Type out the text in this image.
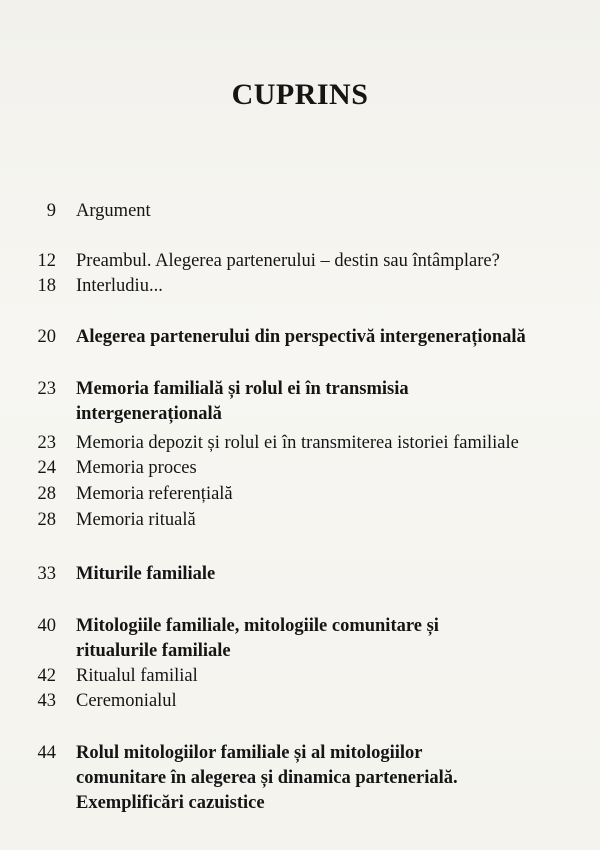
CUPRINS
9 Argument
12 Preambul. Alegerea partenerului – destin sau întâmplare?
18 Interludiu...
20 Alegerea partenerului din perspectivă intergenerațională
23 Memoria familială și rolul ei în transmisia
intergenerațională
23 Memoria depozit și rolul ei în transmiterea istoriei familiale
24 Memoria proces
28 Memoria referențială
28 Memoria rituală
33 Miturile familiale
40 Mitologiile familiale, mitologiile comunitare și
ritualurile familiale
42 Ritualul familial
43 Ceremonialul
44 Rolul mitologiilor familiale și al mitologiilor
comunitare în alegerea și dinamica partenerială.
Exemplificări cazuistice
